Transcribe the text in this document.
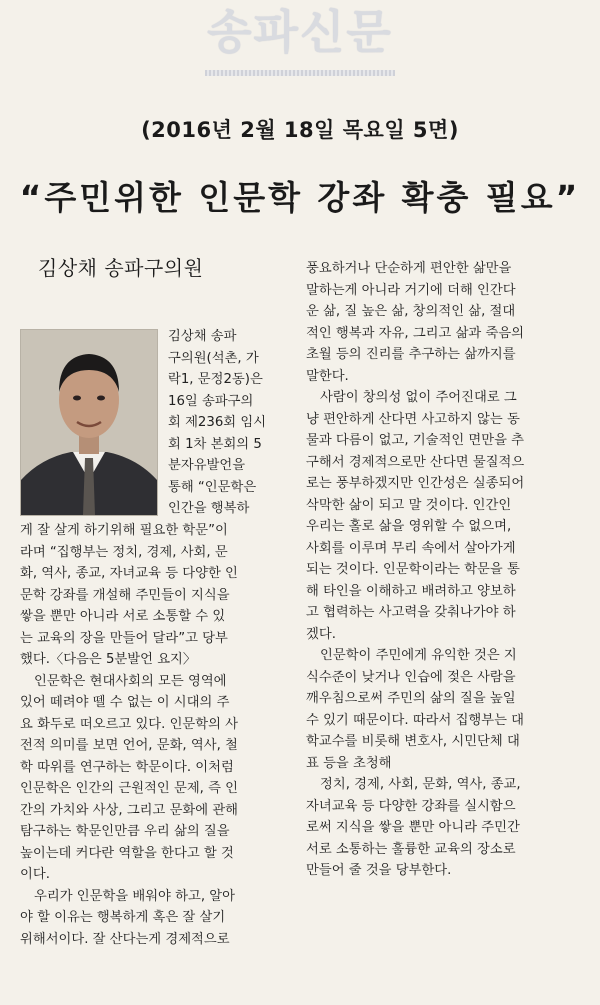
송파신문
(2016년 2월 18일 목요일 5면)
“주민위한 인문학 강좌 확충 필요”
김상채 송파구의원
김상채 송파
구의원(석촌, 가
락1, 문정2동)은
16일 송파구의
회 제236회 임시
회 1차 본회의 5
분자유발언을
통해 “인문학은
인간을 행복하
게 잘 살게 하기위해 필요한 학문”이
라며 “집행부는 정치, 경제, 사회, 문
화, 역사, 종교, 자녀교육 등 다양한 인
문학 강좌를 개설해 주민들이 지식을
쌓을 뿐만 아니라 서로 소통할 수 있
는 교육의 장을 만들어 달라”고 당부
했다.〈다음은 5분발언 요지〉
인문학은 현대사회의 모든 영역에
있어 떼려야 뗄 수 없는 이 시대의 주
요 화두로 떠오르고 있다. 인문학의 사
전적 의미를 보면 언어, 문화, 역사, 철
학 따위를 연구하는 학문이다. 이처럼
인문학은 인간의 근원적인 문제, 즉 인
간의 가치와 사상, 그리고 문화에 관해
탐구하는 학문인만큼 우리 삶의 질을
높이는데 커다란 역할을 한다고 할 것
이다.
우리가 인문학을 배워야 하고, 알아
야 할 이유는 행복하게 혹은 잘 살기
위해서이다. 잘 산다는게 경제적으로
풍요하거나 단순하게 편안한 삶만을
말하는게 아니라 거기에 더해 인간다
운 삶, 질 높은 삶, 창의적인 삶, 절대
적인 행복과 자유, 그리고 삶과 죽음의
초월 등의 진리를 추구하는 삶까지를
말한다.
사람이 창의성 없이 주어진대로 그
냥 편안하게 산다면 사고하지 않는 동
물과 다름이 없고, 기술적인 면만을 추
구해서 경제적으로만 산다면 물질적으
로는 풍부하겠지만 인간성은 실종되어
삭막한 삶이 되고 말 것이다. 인간인
우리는 홀로 삶을 영위할 수 없으며,
사회를 이루며 무리 속에서 살아가게
되는 것이다. 인문학이라는 학문을 통
해 타인을 이해하고 배려하고 양보하
고 협력하는 사고력을 갖춰나가야 하
겠다.
인문학이 주민에게 유익한 것은 지
식수준이 낮거나 인습에 젖은 사람을
깨우침으로써 주민의 삶의 질을 높일
수 있기 때문이다. 따라서 집행부는 대
학교수를 비롯해 변호사, 시민단체 대
표 등을 초청해
정치, 경제, 사회, 문화, 역사, 종교,
자녀교육 등 다양한 강좌를 실시함으
로써 지식을 쌓을 뿐만 아니라 주민간
서로 소통하는 훌륭한 교육의 장소로
만들어 줄 것을 당부한다.
